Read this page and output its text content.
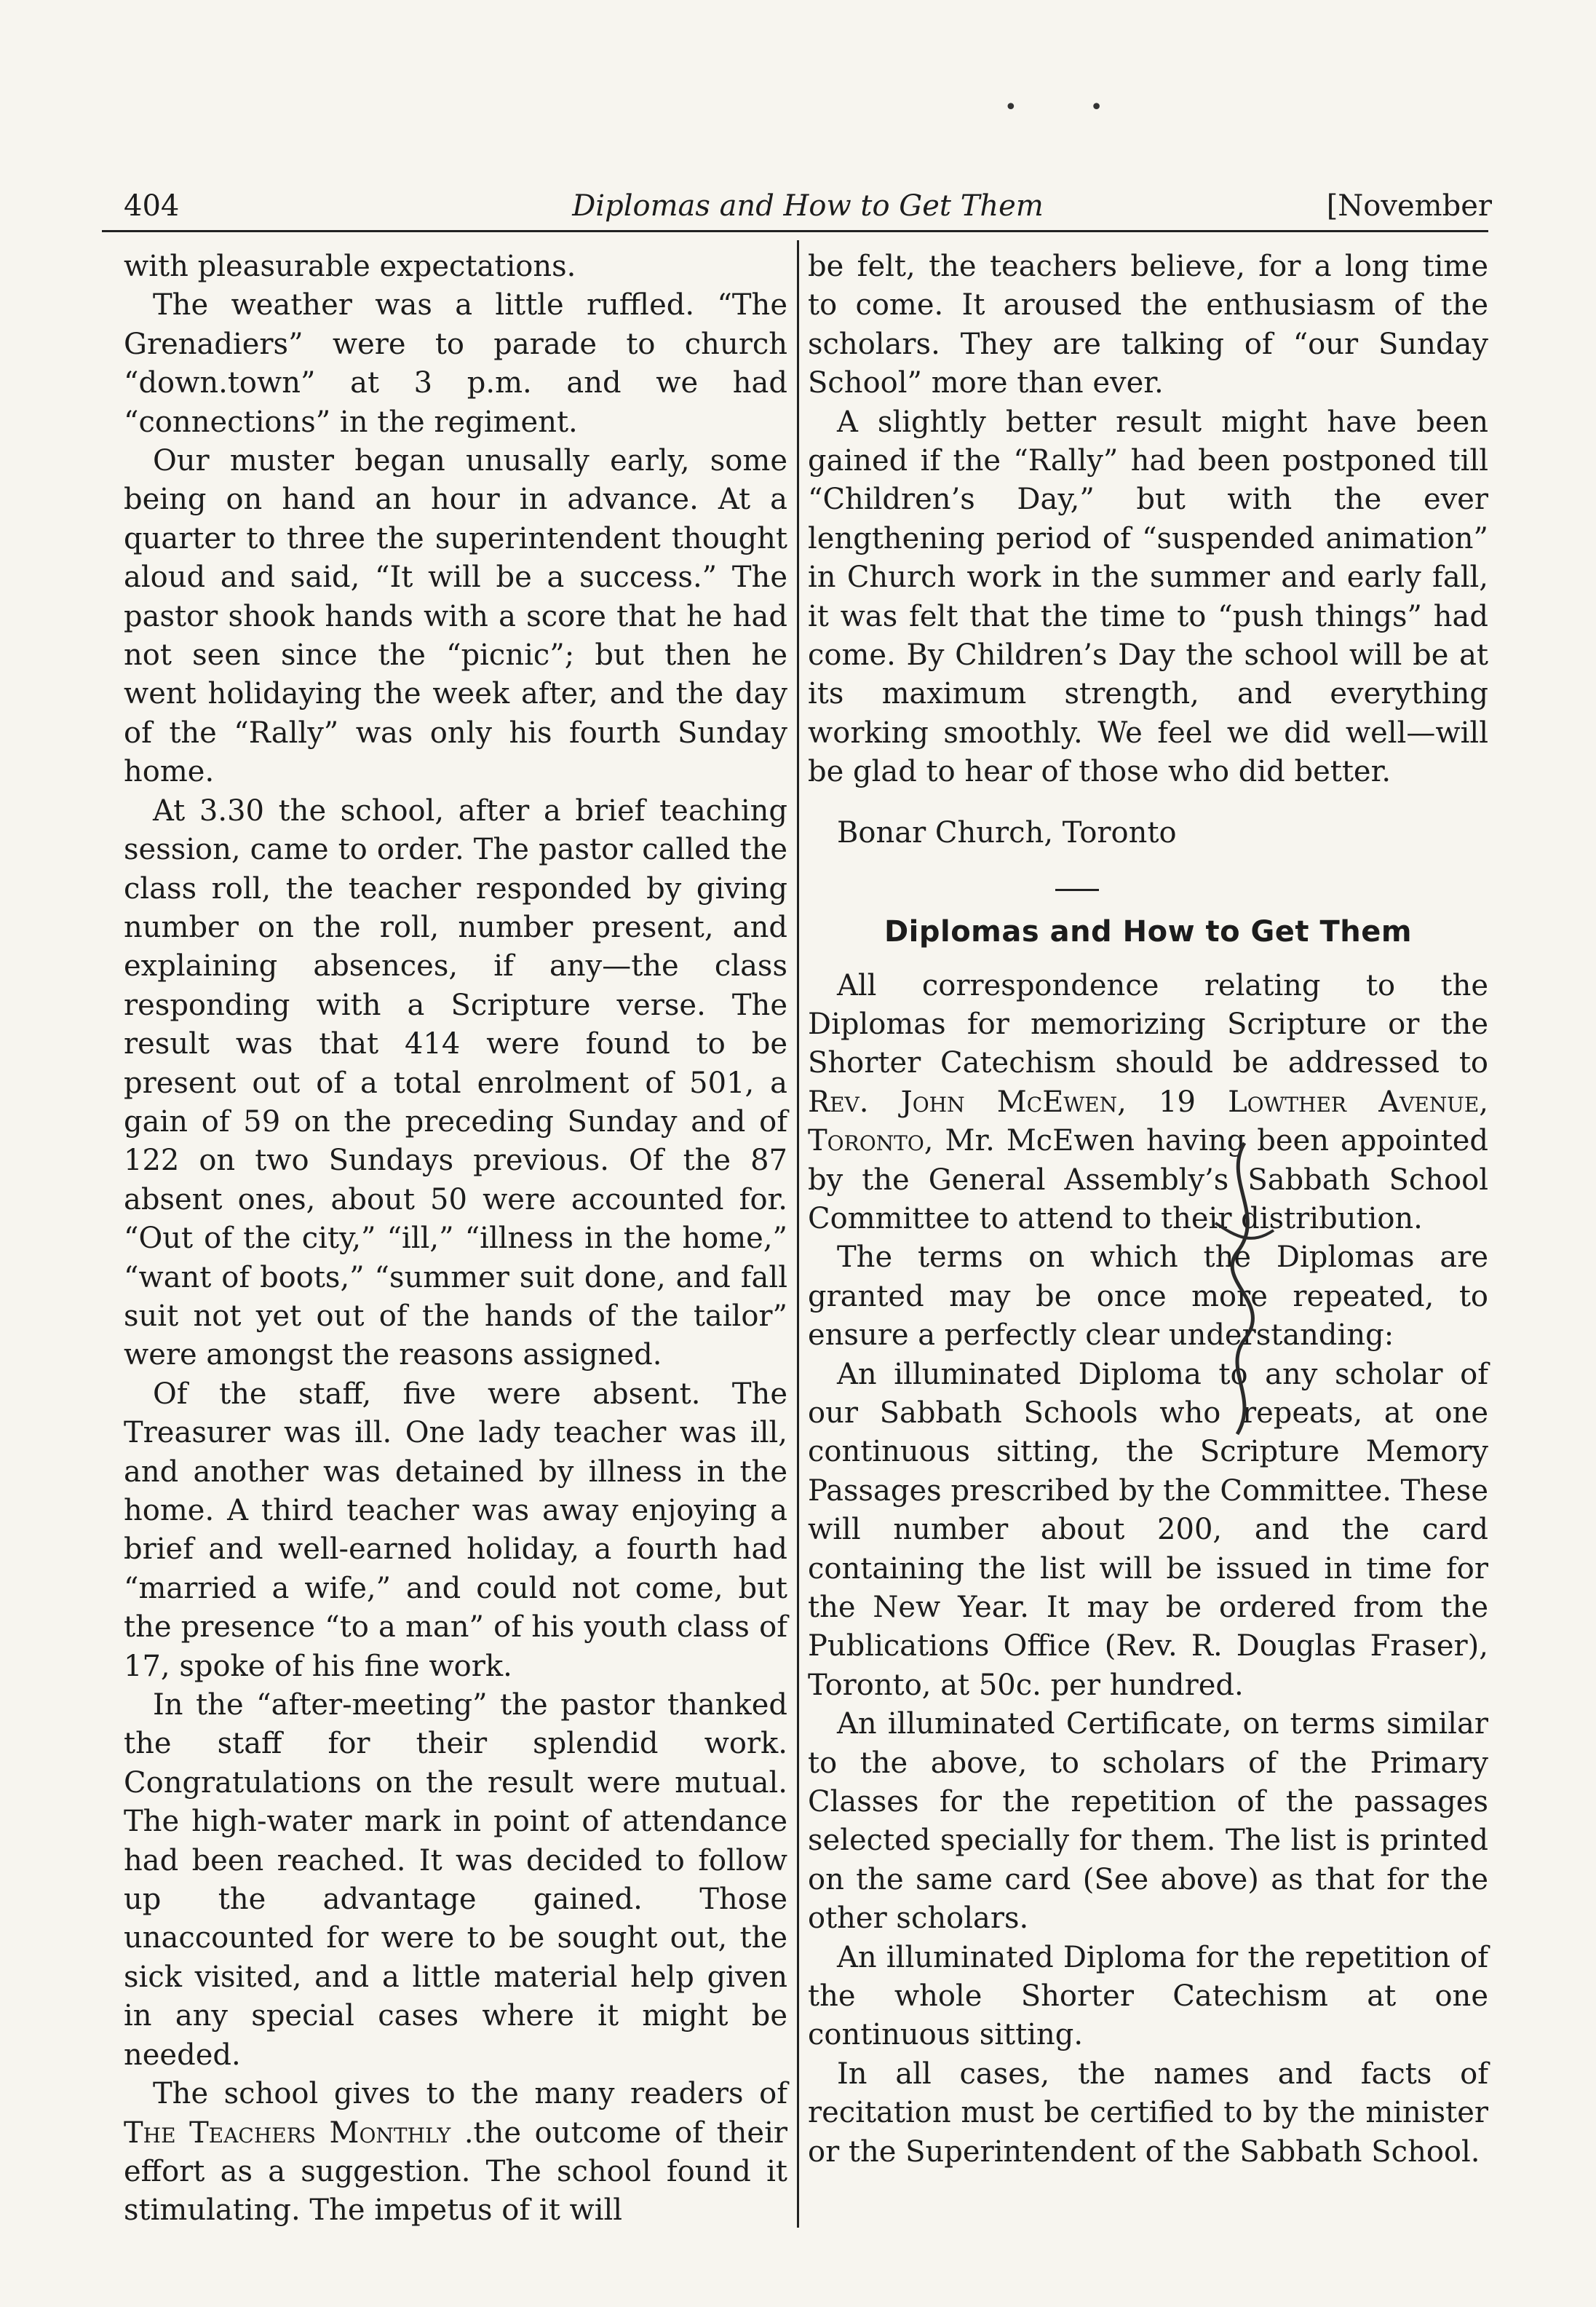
••
404	Diplomas and How to Get Them	[November

with pleasurable expectations.

The weather was a little ruffled. “The Grenadiers” were to parade to church “down.town” at 3 p.m. and we had “connections” in the regiment.

Our muster began unusally early, some being on hand an hour in advance. At a quarter to three the superintendent thought aloud and said, “It will be a success.” The pastor shook hands with a score that he had not seen since the “picnic”; but then he went holidaying the week after, and the day of the “Rally” was only his fourth Sunday home.

At 3.30 the school, after a brief teaching session, came to order. The pastor called the class roll, the teacher responded by giving number on the roll, number present, and explaining absences, if any—the class responding with a Scripture verse. The result was that 414 were found to be present out of a total enrolment of 501, a gain of 59 on the preceding Sunday and of 122 on two Sundays previous. Of the 87 absent ones, about 50 were accounted for. “Out of the city,” “ill,” “illness in the home,” “want of boots,” “summer suit done, and fall suit not yet out of the hands of the tailor” were amongst the reasons assigned.

Of the staff, five were absent. The Treasurer was ill. One lady teacher was ill, and another was detained by illness in the home. A third teacher was away enjoying a brief and well-earned holiday, a fourth had “married a wife,” and could not come, but the presence “to a man” of his youth class of 17, spoke of his fine work.

In the “after-meeting” the pastor thanked the staff for their splendid work. Congratulations on the result were mutual. The high-water mark in point of attendance had been reached. It was decided to follow up the advantage gained. Those unaccounted for were to be sought out, the sick visited, and a little material help given in any special cases where it might be needed.

The school gives to the many readers of The Teachers Monthly .the outcome of their effort as a suggestion. The school found it stimulating. The impetus of it will

be felt, the teachers believe, for a long time to come. It aroused the enthusiasm of the scholars. They are talking of “our Sunday School” more than ever.

A slightly better result might have been gained if the “Rally” had been postponed till “Children’s Day,” but with the ever lengthening period of “suspended animation” in Church work in the summer and early fall, it was felt that the time to “push things” had come. By Children’s Day the school will be at its maximum strength, and everything working smoothly. We feel we did well—will be glad to hear of those who did better.

Bonar Church, Toronto

Diplomas and How to Get Them

All correspondence relating to the Diplomas for memorizing Scripture or the Shorter Catechism should be addressed to Rev. John McEwen, 19 Lowther Avenue, Toronto, Mr. McEwen having been appointed by the General Assembly’s Sabbath School Committee to attend to their distribution.

The terms on which the Diplomas are granted may be once more repeated, to ensure a perfectly clear understanding:

An illuminated Diploma to any scholar of our Sabbath Schools who repeats, at one continuous sitting, the Scripture Memory Passages prescribed by the Committee. These will number about 200, and the card containing the list will be issued in time for the New Year. It may be ordered from the Publications Office (Rev. R. Douglas Fraser), Toronto, at 50c. per hundred.

An illuminated Certificate, on terms similar to the above, to scholars of the Primary Classes for the repetition of the passages selected specially for them. The list is printed on the same card (See above) as that for the other scholars.

An illuminated Diploma for the repetition of the whole Shorter Catechism at one continuous sitting.

In all cases, the names and facts of recitation must be certified to by the minister or the Superintendent of the Sabbath School.
